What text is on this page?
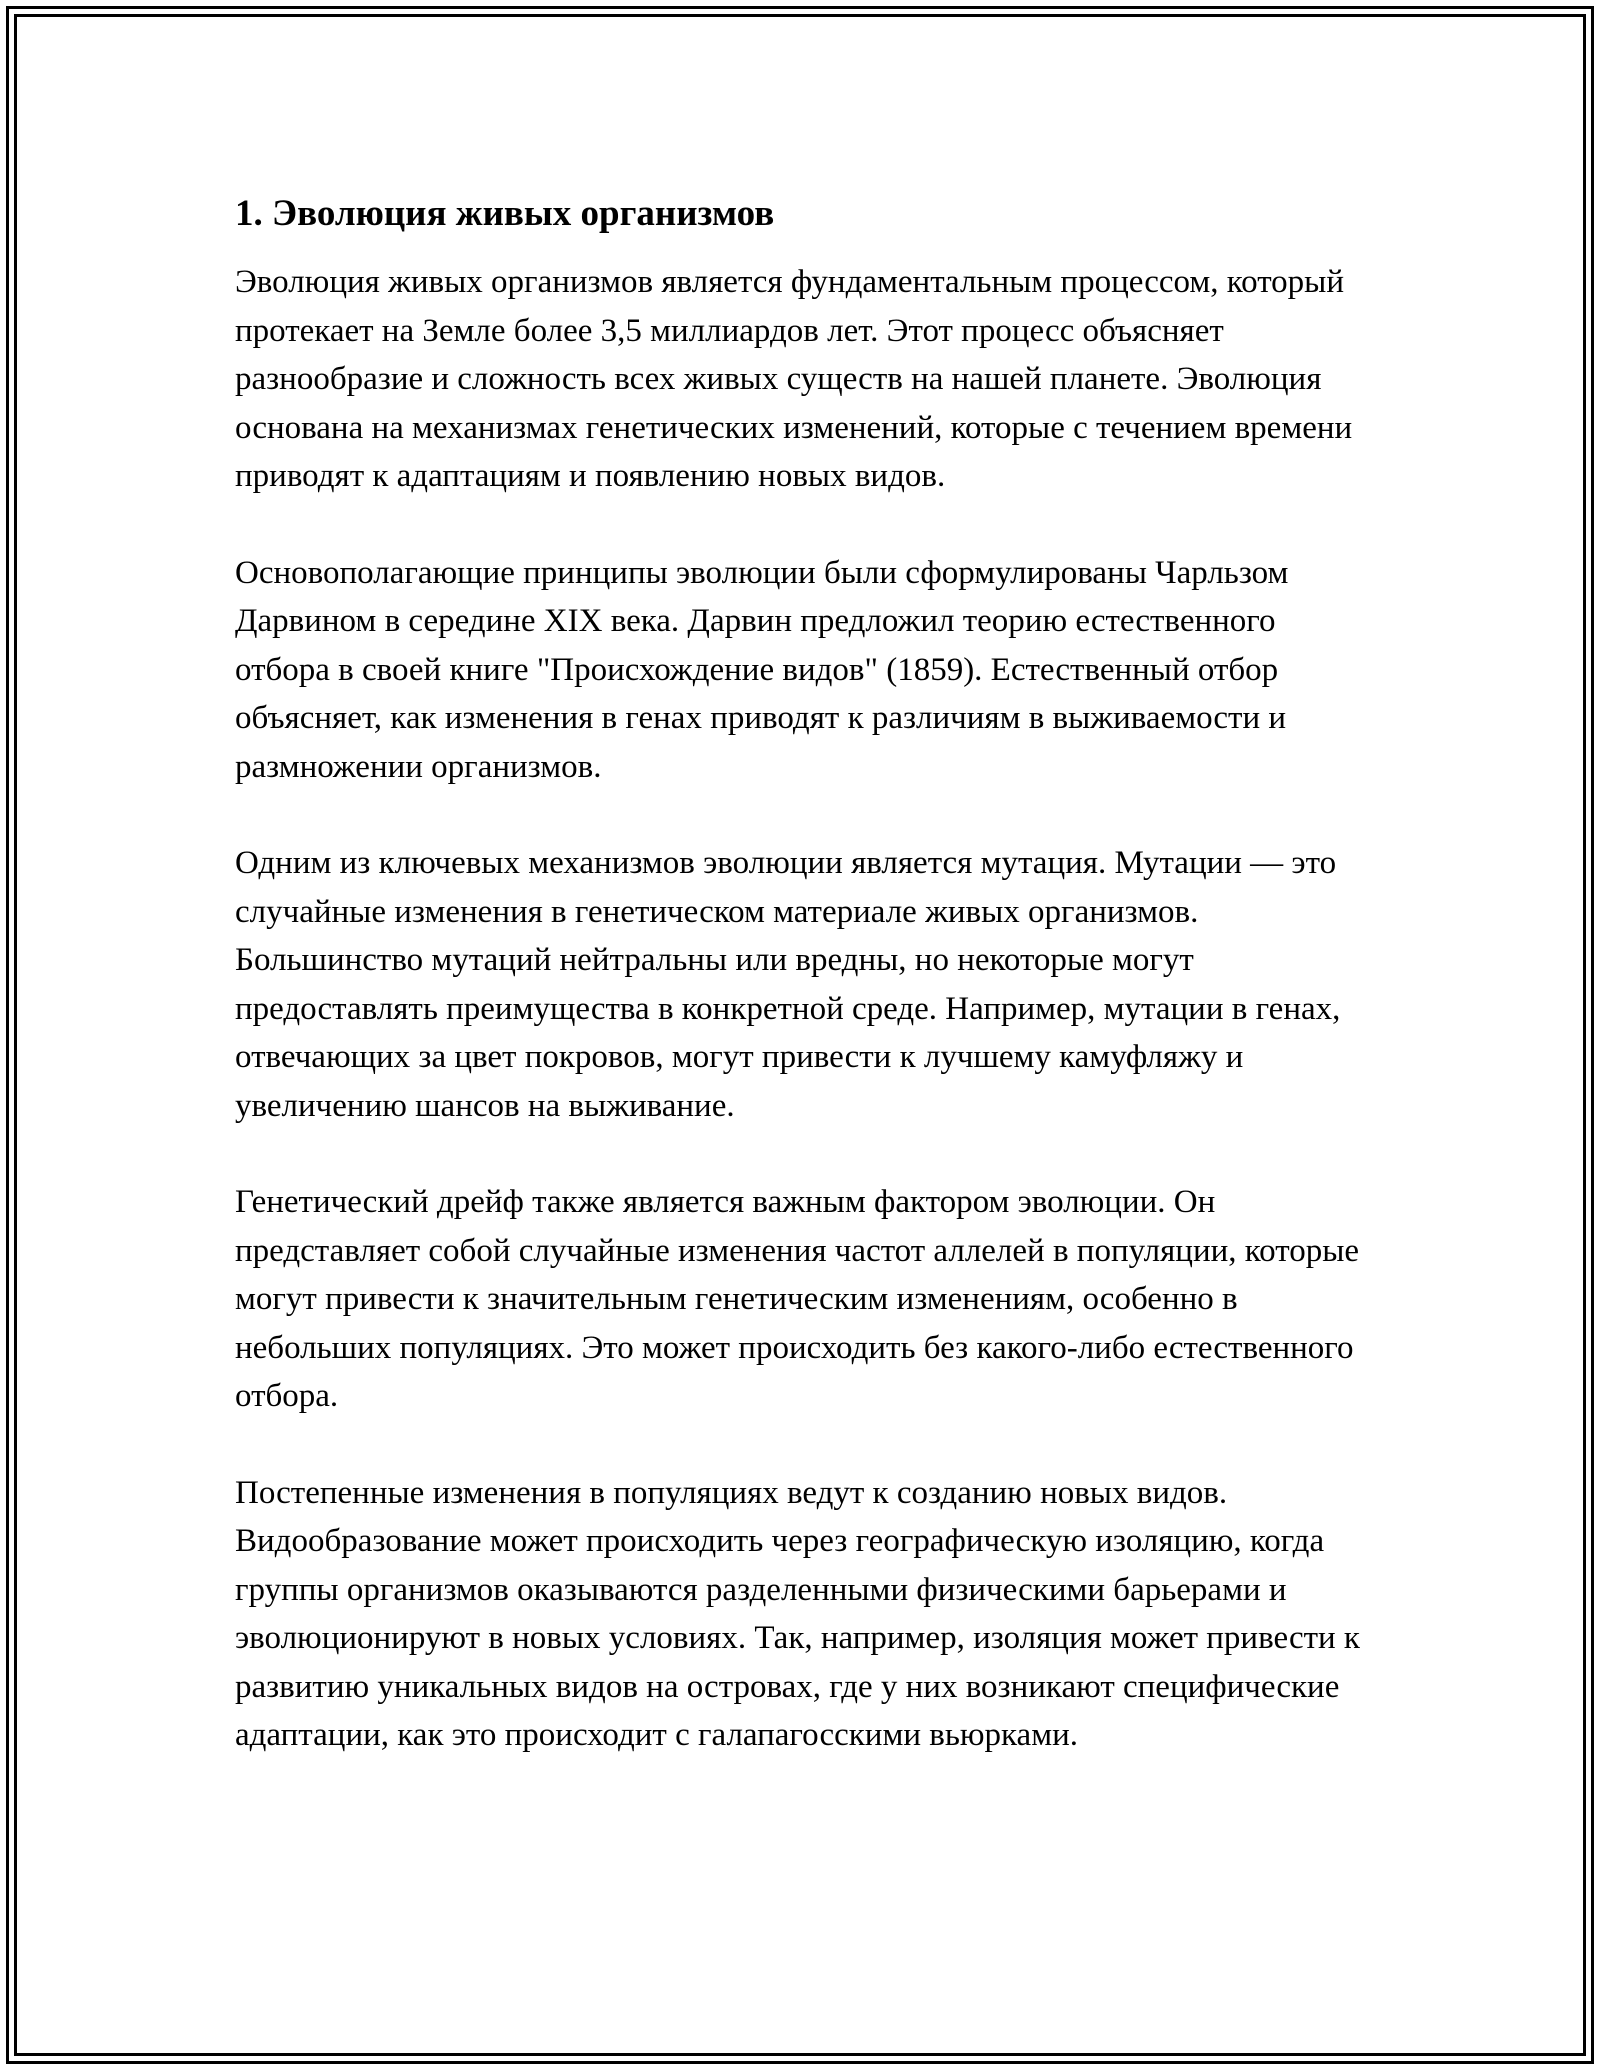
1. Эволюция живых организмов

Эволюция живых организмов является фундаментальным процессом, который протекает на Земле более 3,5 миллиардов лет. Этот процесс объясняет разнообразие и сложность всех живых существ на нашей планете. Эволюция основана на механизмах генетических изменений, которые с течением времени приводят к адаптациям и появлению новых видов.

Основополагающие принципы эволюции были сформулированы Чарльзом Дарвином в середине XIX века. Дарвин предложил теорию естественного отбора в своей книге "Происхождение видов" (1859). Естественный отбор объясняет, как изменения в генах приводят к различиям в выживаемости и размножении организмов.

Одним из ключевых механизмов эволюции является мутация. Мутации — это случайные изменения в генетическом материале живых организмов. Большинство мутаций нейтральны или вредны, но некоторые могут предоставлять преимущества в конкретной среде. Например, мутации в генах, отвечающих за цвет покровов, могут привести к лучшему камуфляжу и увеличению шансов на выживание.

Генетический дрейф также является важным фактором эволюции. Он представляет собой случайные изменения частот аллелей в популяции, которые могут привести к значительным генетическим изменениям, особенно в небольших популяциях. Это может происходить без какого-либо естественного отбора.

Постепенные изменения в популяциях ведут к созданию новых видов. Видообразование может происходить через географическую изоляцию, когда группы организмов оказываются разделенными физическими барьерами и эволюционируют в новых условиях. Так, например, изоляция может привести к развитию уникальных видов на островах, где у них возникают специфические адаптации, как это происходит с галапагосскими вьюрками.
